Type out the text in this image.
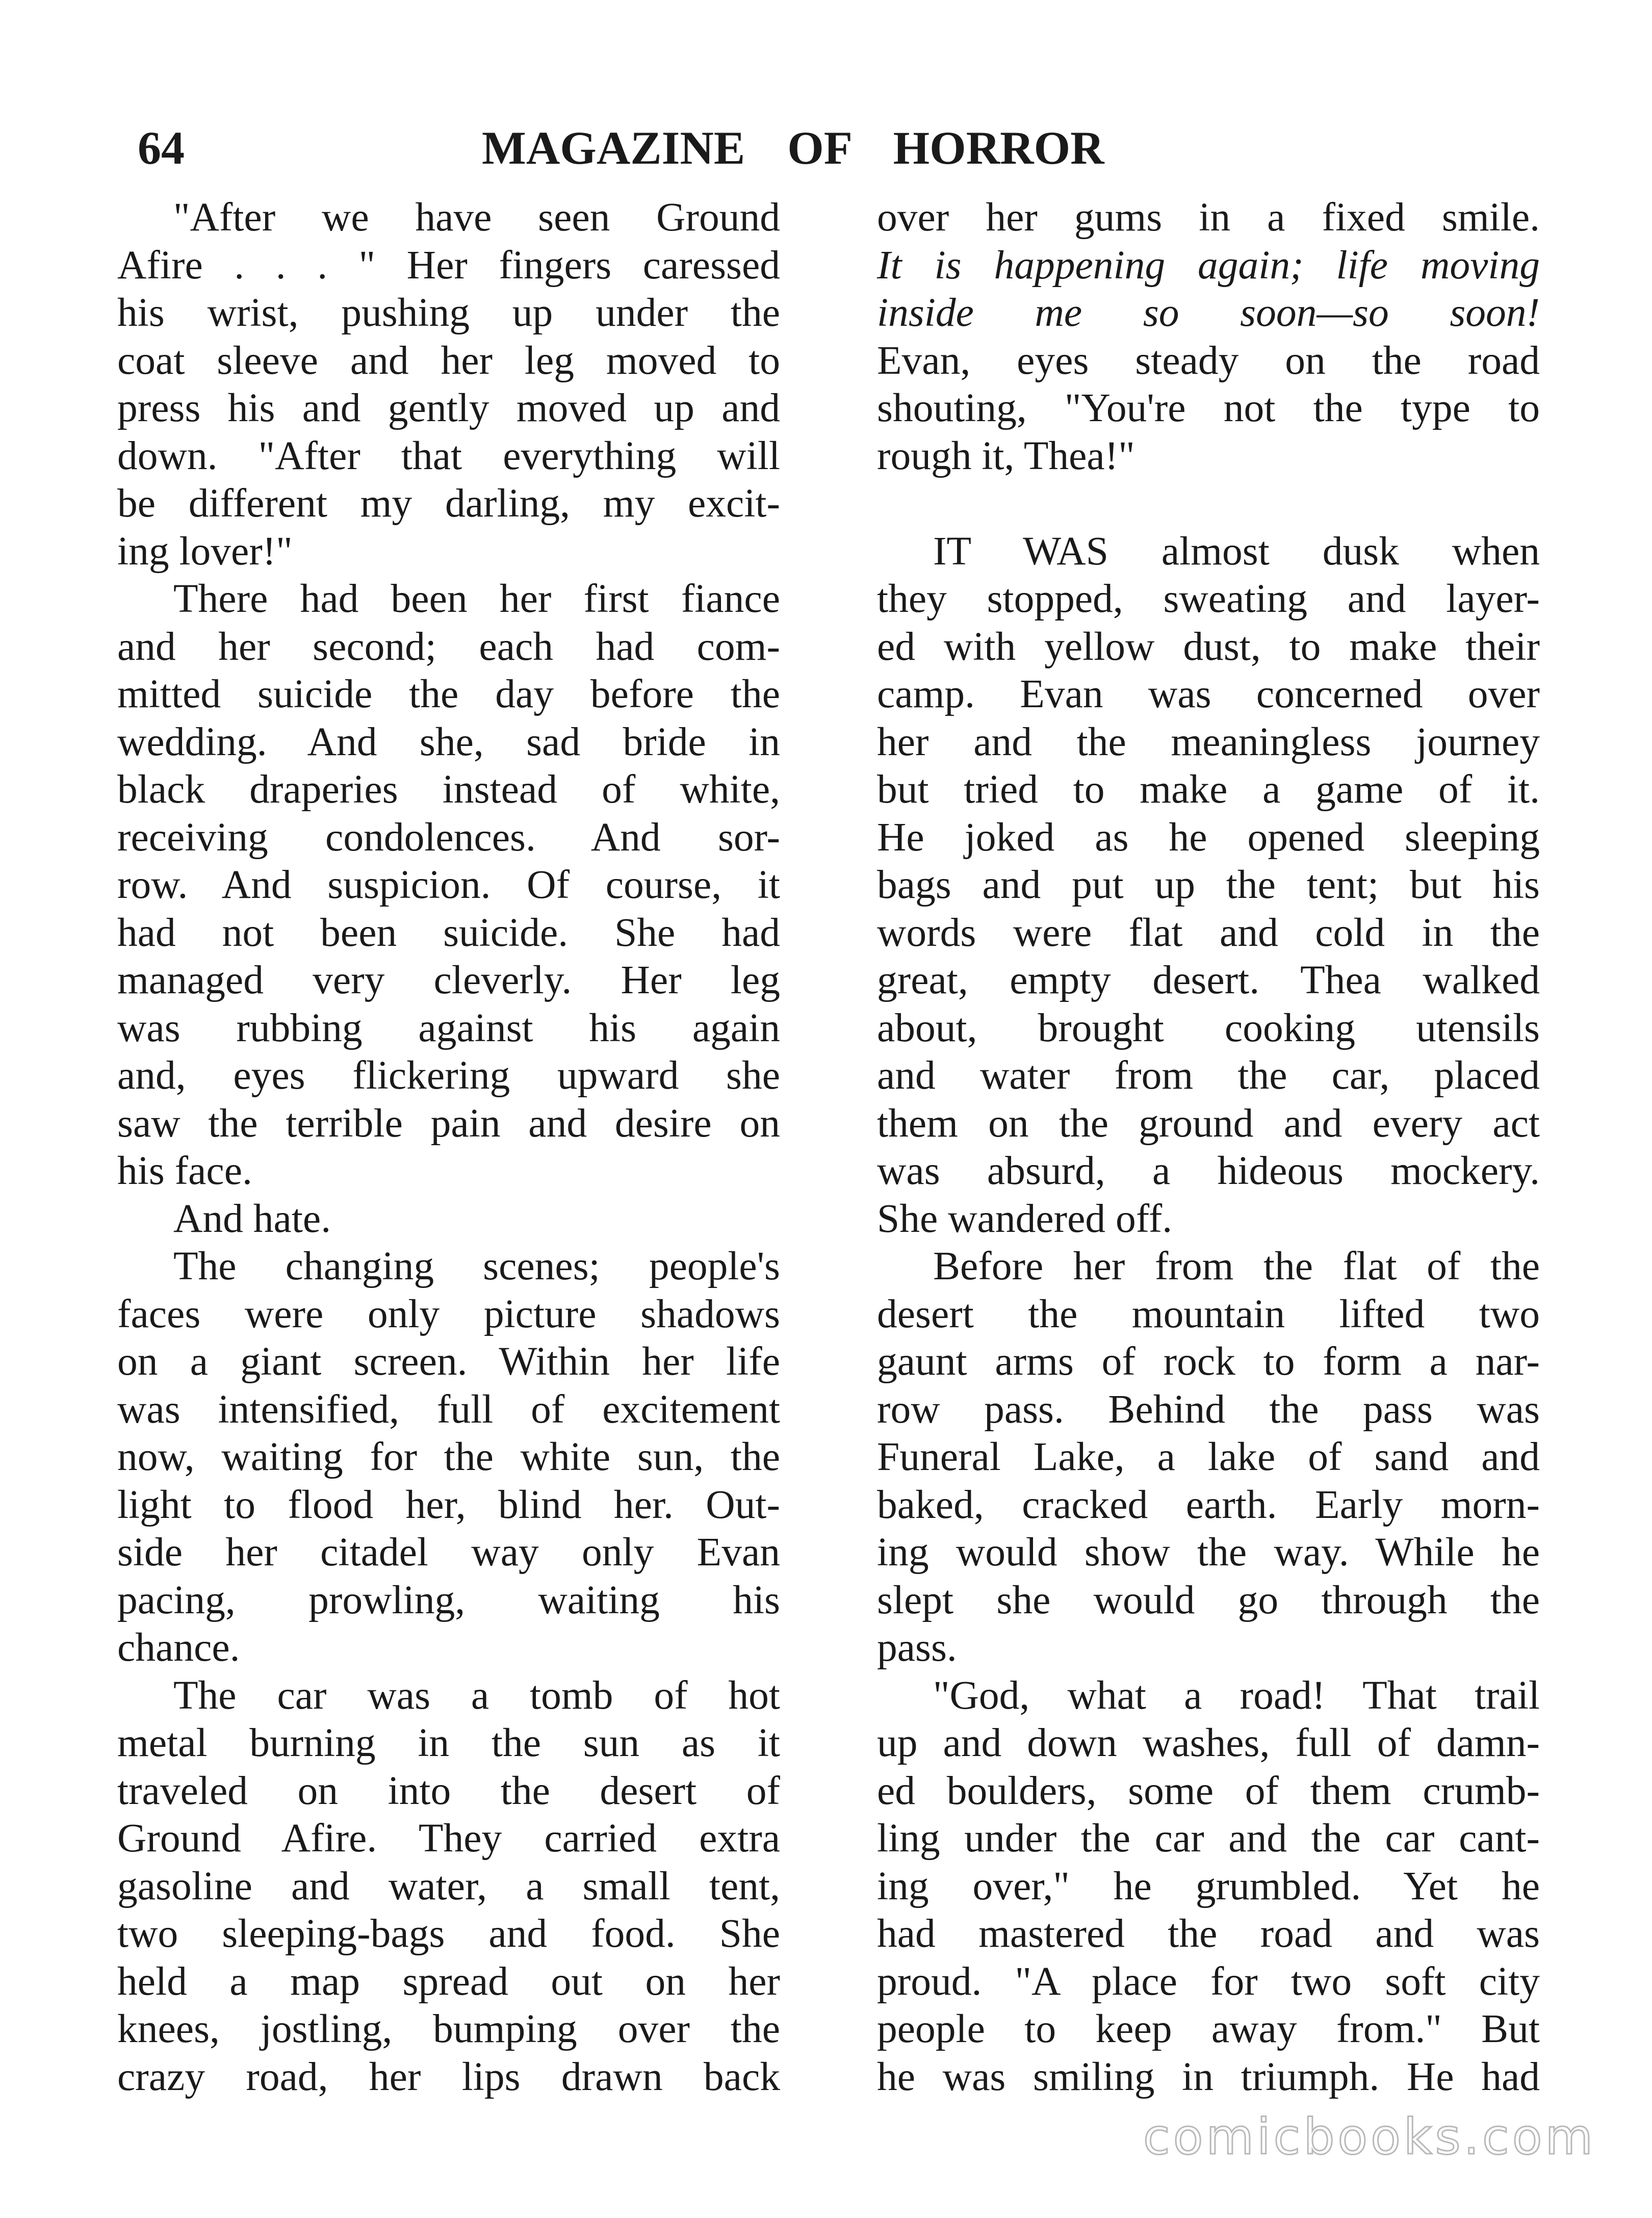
64	MAGAZINE OF HORROR
"After we have seen Ground
Afire . . . " Her fingers caressed
his wrist, pushing up under the
coat sleeve and her leg moved to
press his and gently moved up and
down. "After that everything will
be different my darling, my excit-
ing lover!"
There had been her first fiance
and her second; each had com-
mitted suicide the day before the
wedding. And she, sad bride in
black draperies instead of white,
receiving condolences. And sor-
row. And suspicion. Of course, it
had not been suicide. She had
managed very cleverly. Her leg
was rubbing against his again
and, eyes flickering upward she
saw the terrible pain and desire on
his face.
And hate.
The changing scenes; people's
faces were only picture shadows
on a giant screen. Within her life
was intensified, full of excitement
now, waiting for the white sun, the
light to flood her, blind her. Out-
side her citadel way only Evan
pacing, prowling, waiting his
chance.
The car was a tomb of hot
metal burning in the sun as it
traveled on into the desert of
Ground Afire. They carried extra
gasoline and water, a small tent,
two sleeping-bags and food. She
held a map spread out on her
knees, jostling, bumping over the
crazy road, her lips drawn back
over her gums in a fixed smile.
It is happening again; life moving
inside me so soon—so soon!
Evan, eyes steady on the road
shouting, "You're not the type to
rough it, Thea!"
IT WAS almost dusk when
they stopped, sweating and layer-
ed with yellow dust, to make their
camp. Evan was concerned over
her and the meaningless journey
but tried to make a game of it.
He joked as he opened sleeping
bags and put up the tent; but his
words were flat and cold in the
great, empty desert. Thea walked
about, brought cooking utensils
and water from the car, placed
them on the ground and every act
was absurd, a hideous mockery.
She wandered off.
Before her from the flat of the
desert the mountain lifted two
gaunt arms of rock to form a nar-
row pass. Behind the pass was
Funeral Lake, a lake of sand and
baked, cracked earth. Early morn-
ing would show the way. While he
slept she would go through the
pass.
"God, what a road! That trail
up and down washes, full of damn-
ed boulders, some of them crumb-
ling under the car and the car cant-
ing over," he grumbled. Yet he
had mastered the road and was
proud. "A place for two soft city
people to keep away from." But
he was smiling in triumph. He had
comicbooks.com
